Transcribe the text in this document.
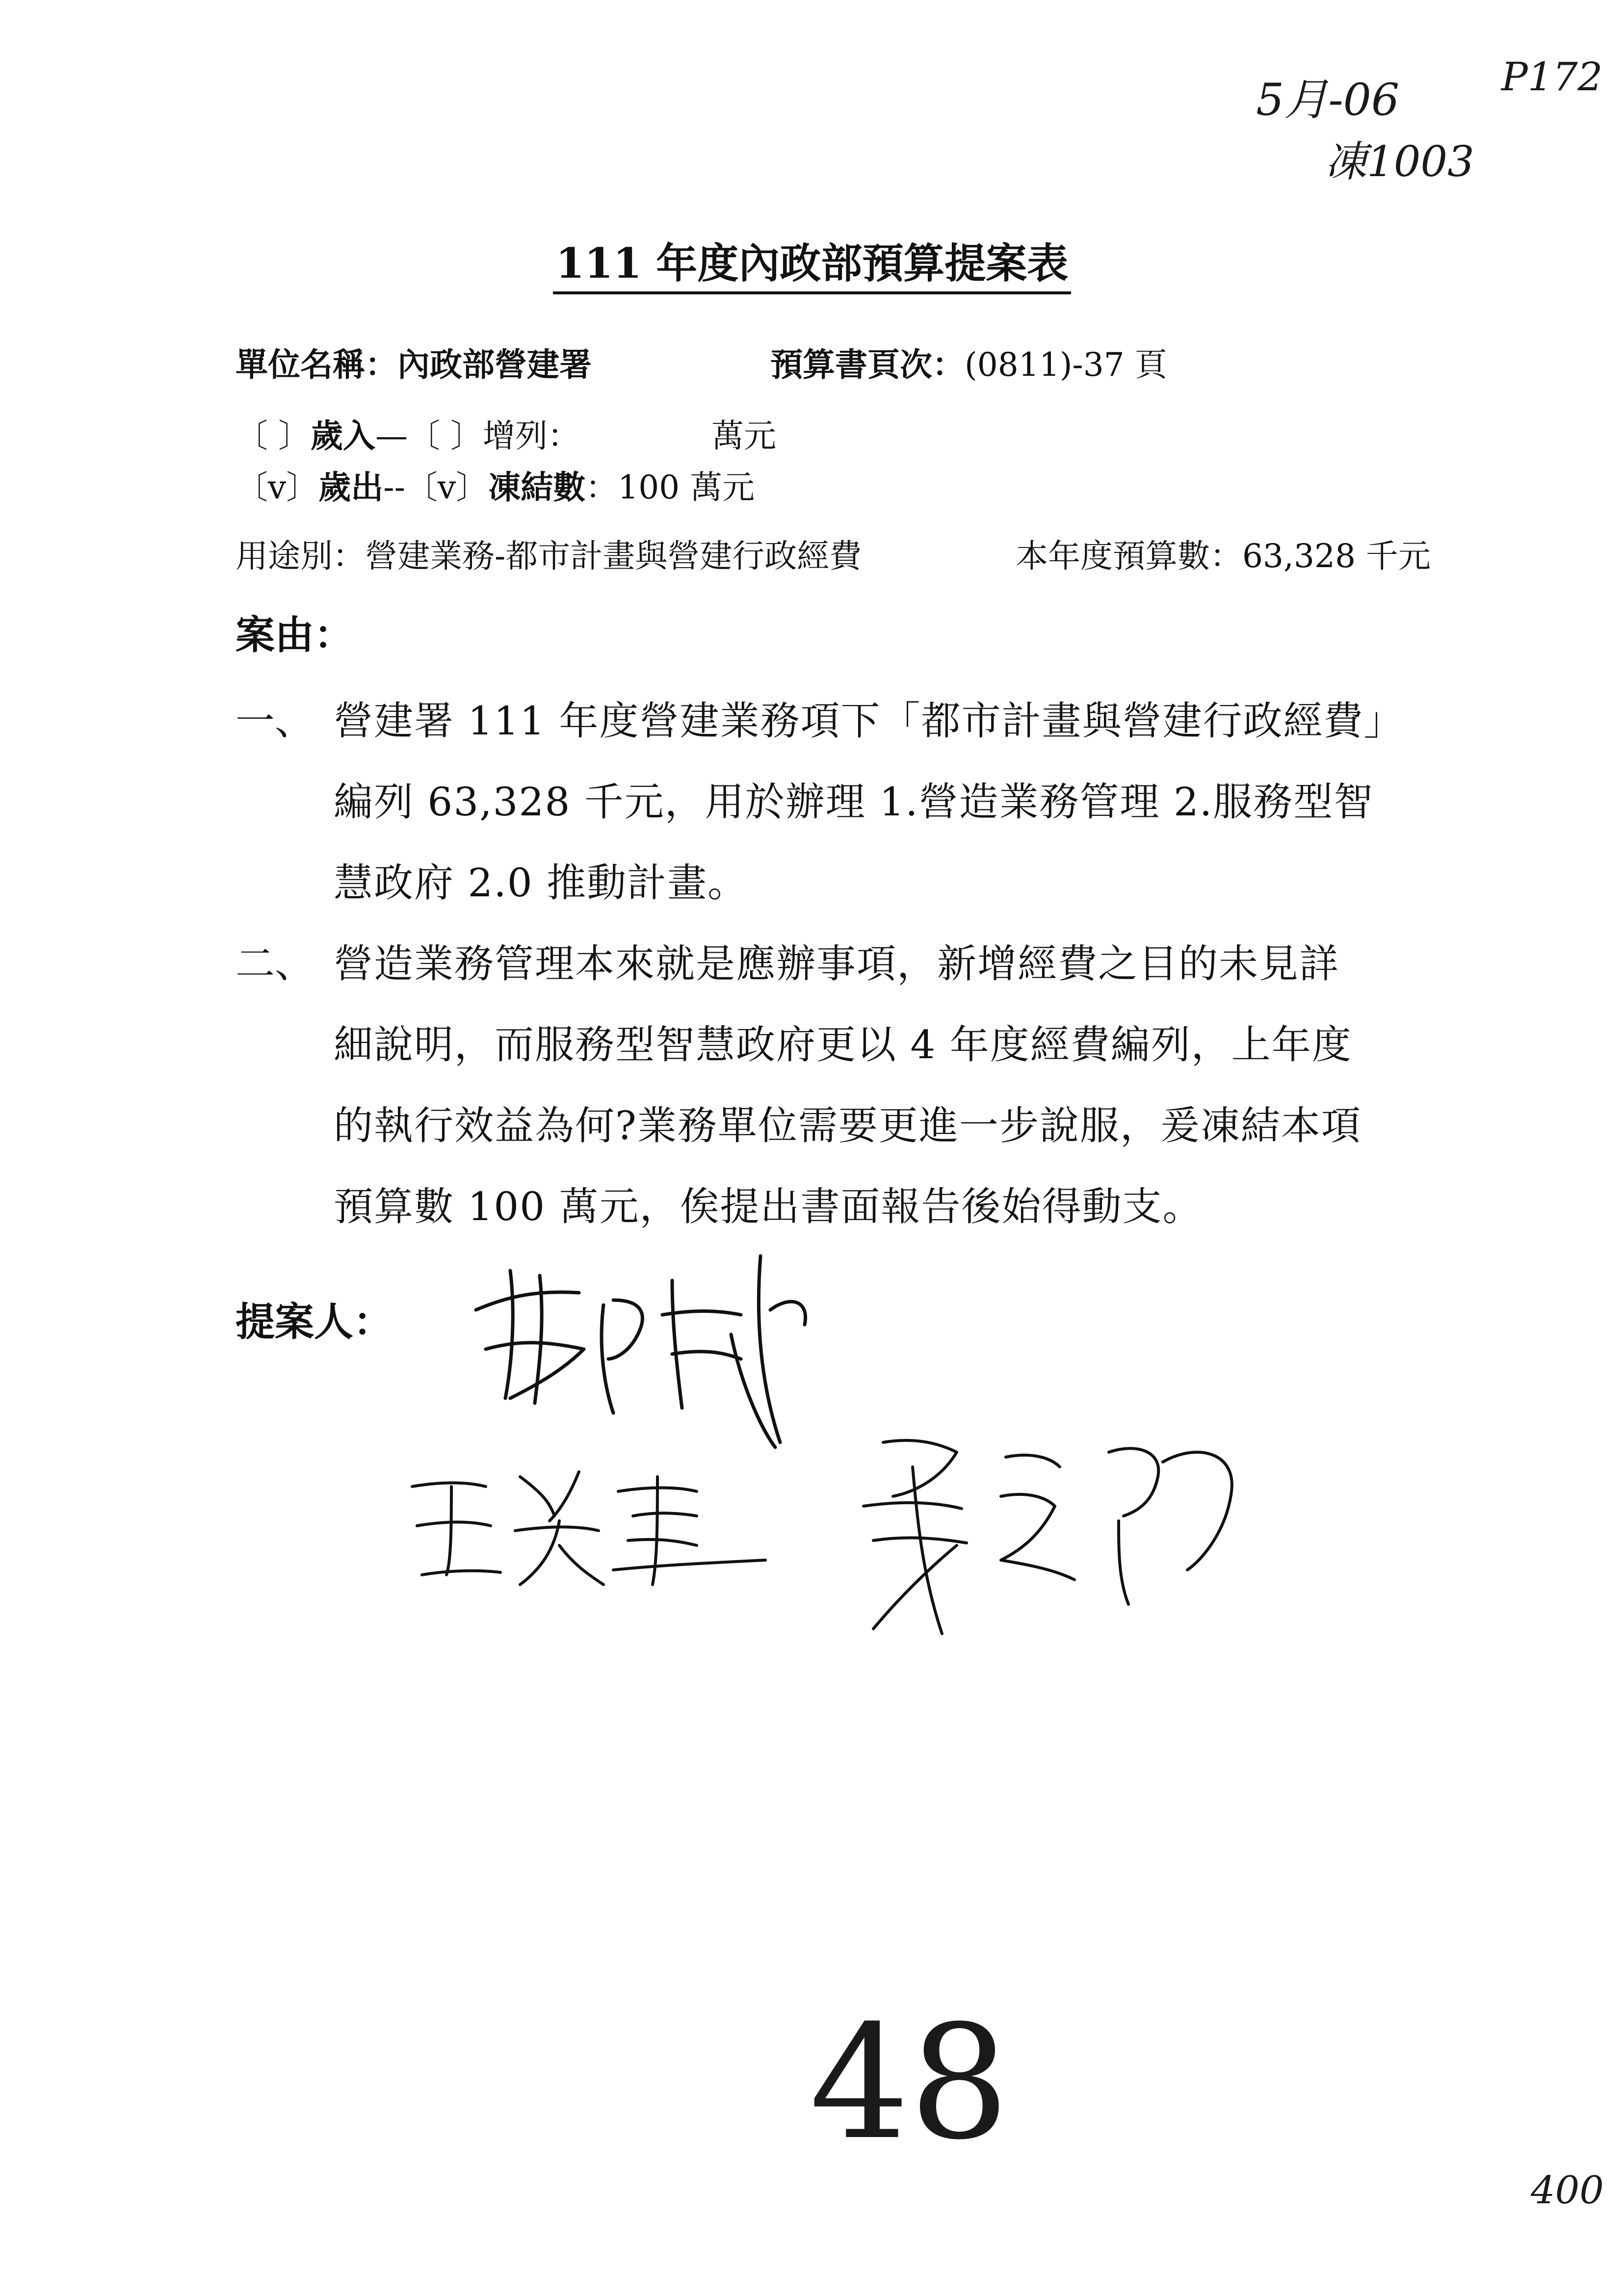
5月-06	P172
凍1003
111 年度內政部預算提案表
單位名稱：內政部營建署	預算書頁次：(0811)-37 頁
〔 〕歲入—〔 〕增列：	萬元
〔v〕歲出--〔v〕凍結數：100 萬元
用途別：營建業務-都市計畫與營建行政經費	本年度預算數：63,328 千元
案由：
一、 營建署 111 年度營建業務項下「都市計畫與營建行政經費」
編列 63,328 千元，用於辦理 1.營造業務管理 2.服務型智
慧政府 2.0 推動計畫。
二、 營造業務管理本來就是應辦事項，新增經費之目的未見詳
細說明，而服務型智慧政府更以 4 年度經費編列，上年度
的執行效益為何?業務單位需要更進一步說服，爰凍結本項
預算數 100 萬元，俟提出書面報告後始得動支。
提案人：
48
400
